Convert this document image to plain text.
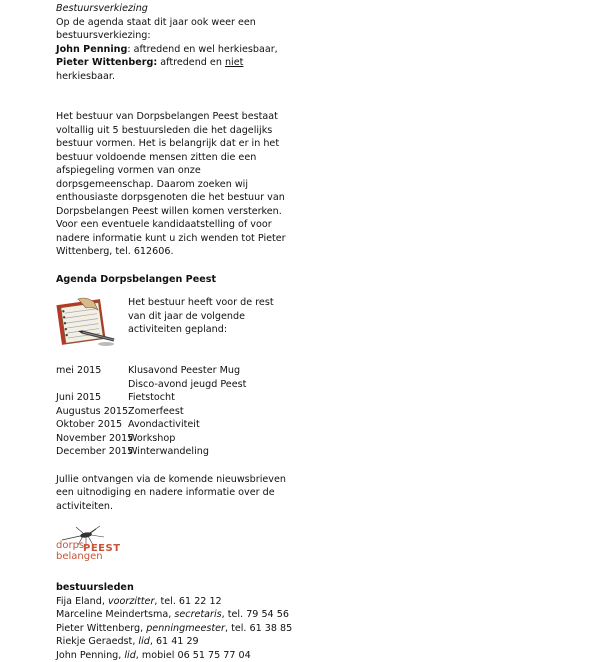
Bestuursverkiezing

Op de agenda staat dit jaar ook weer een bestuursverkiezing:

John Penning: aftredend en wel herkiesbaar,

Pieter Wittenberg: aftredend en niet herkiesbaar.

Het bestuur van Dorpsbelangen Peest bestaat voltallig uit 5 bestuursleden die het dagelijks bestuur vormen. Het is belangrijk dat er in het bestuur voldoende mensen zitten die een afspiegeling vormen van onze dorpsgemeenschap. Daarom zoeken wij enthousiaste dorpsgenoten die het bestuur van Dorpsbelangen Peest willen komen versterken. Voor een eventuele kandidaatstelling of voor nadere informatie kunt u zich wenden tot Pieter Wittenberg, tel. 612606.

Agenda Dorpsbelangen Peest

Het bestuur heeft voor de rest van dit jaar de volgende activiteiten gepland:

mei 2015	Klusavond Peester Mug
Disco-avond jeugd Peest
Juni 2015	Fietstocht
Augustus 2015 Zomerfeest
Oktober 2015 Avondactiviteit
November 2015
Workshop
December 2015
Winterwandeling

Jullie ontvangen via de komende nieuwsbrieven een uitnodiging en nadere informatie over de activiteiten.

dorps
belangen
PEEST

bestuursleden

Fija Eland, voorzitter, tel. 61 22 12

Marceline Meindertsma, secretaris, tel. 79 54 56

Pieter Wittenberg, penningmeester, tel. 61 38 85

Riekje Geraedst, lid, 61 41 29

John Penning, lid, mobiel 06 51 75 77 04
